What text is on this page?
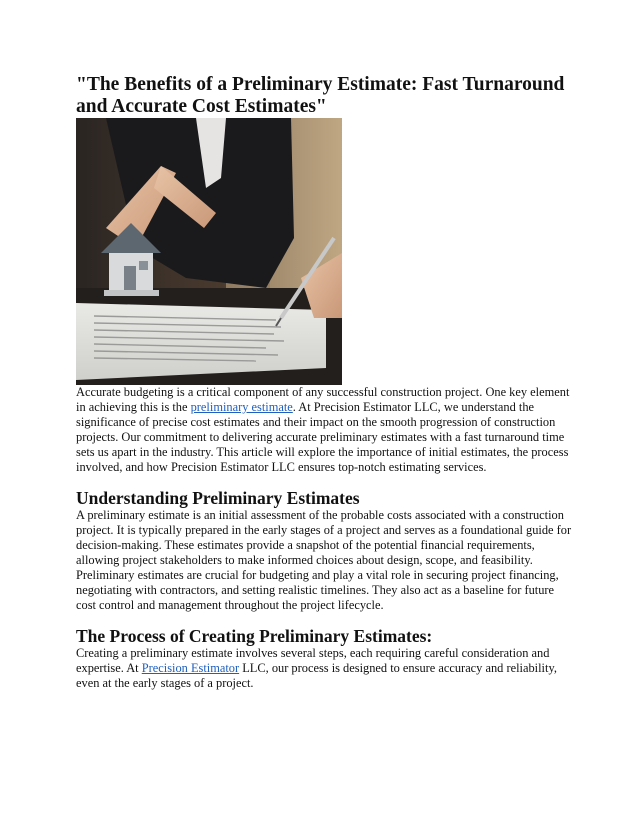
"The Benefits of a Preliminary Estimate: Fast Turnaround and Accurate Cost Estimates"

Accurate budgeting is a critical component of any successful construction project. One key element in achieving this is the preliminary estimate. At Precision Estimator LLC, we understand the significance of precise cost estimates and their impact on the smooth progression of construction projects. Our commitment to delivering accurate preliminary estimates with a fast turnaround time sets us apart in the industry. This article will explore the importance of initial estimates, the process involved, and how Precision Estimator LLC ensures top-notch estimating services.

Understanding Preliminary Estimates

A preliminary estimate is an initial assessment of the probable costs associated with a construction project. It is typically prepared in the early stages of a project and serves as a foundational guide for decision-making. These estimates provide a snapshot of the potential financial requirements, allowing project stakeholders to make informed choices about design, scope, and feasibility.

Preliminary estimates are crucial for budgeting and play a vital role in securing project financing, negotiating with contractors, and setting realistic timelines. They also act as a baseline for future cost control and management throughout the project lifecycle.

The Process of Creating Preliminary Estimates:

Creating a preliminary estimate involves several steps, each requiring careful consideration and expertise. At Precision Estimator LLC, our process is designed to ensure accuracy and reliability, even at the early stages of a project.
